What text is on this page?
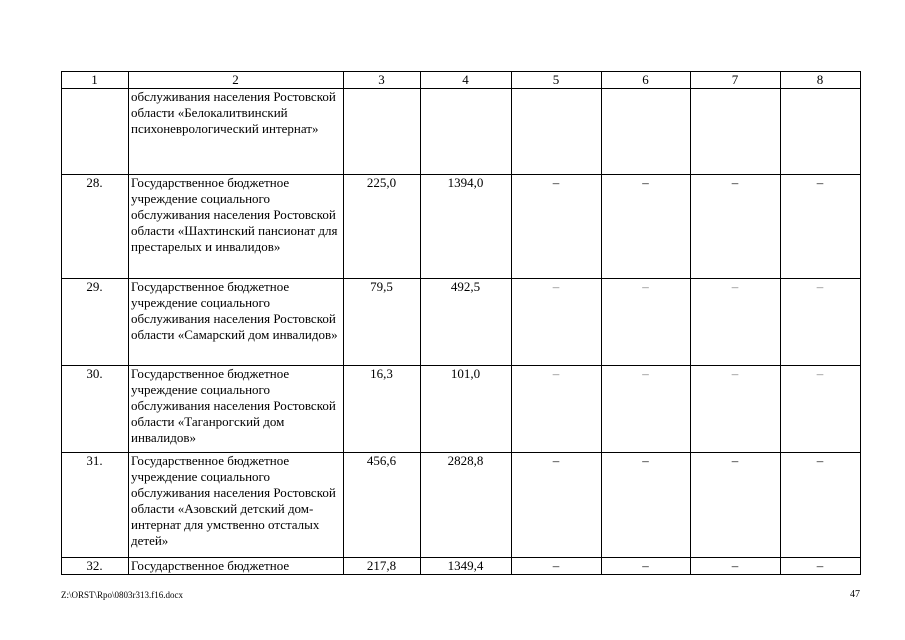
1	2	3	4	5	6	7	8
	обслуживания населения Ростовской области «Белокалитвинский психоневрологический интернат»						
28.	Государственное бюджетное учреждение социального обслуживания населения Ростовской области «Шахтинский пансионат для престарелых и инвалидов»	225,0	1394,0	–	–	–	–
29.	Государственное бюджетное учреждение социального обслуживания населения Ростовской области «Самарский дом инвалидов»	79,5	492,5	–	–	–	–
30.	Государственное бюджетное учреждение социального обслуживания населения Ростовской области «Таганрогский дом инвалидов»	16,3	101,0	–	–	–	–
31.	Государственное бюджетное учреждение социального обслуживания населения Ростовской области «Азовский детский дом-интернат для умственно отсталых детей»	456,6	2828,8	–	–	–	–
32.	Государственное бюджетное	217,8	1349,4	–	–	–	–
Z:\ORST\Rpo\0803r313.f16.docx	47
